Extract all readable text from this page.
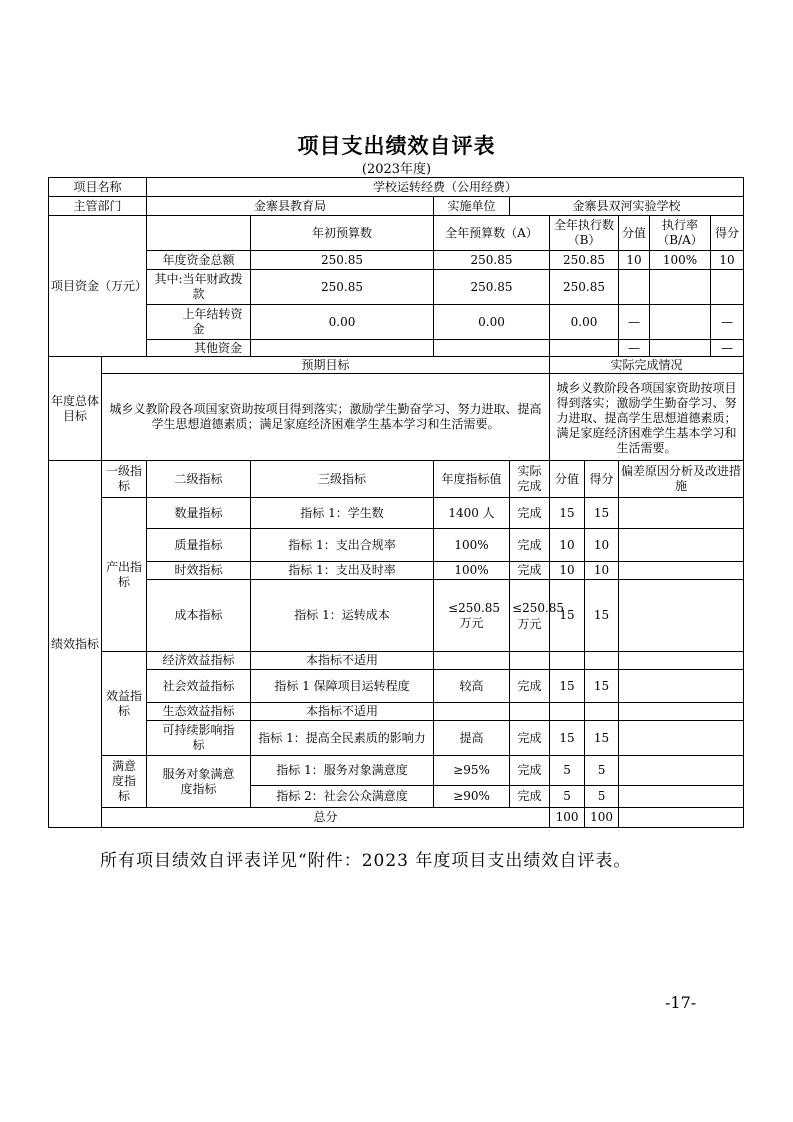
项目支出绩效自评表
(2023年度)
项目名称		学校运转经费（公用经费）								
主管部门		金寨县教育局		实施单位	金寨县双河实验学校					
项目资金（万元）			年初预算数	全年预算数（A）		全年执行数（B）		分值	执行率（B/A）	得分
		年度资金总额	250.85	250.85		250.85		10	100%	10
		其中:当年财政拨款	250.85	250.85		250.85				
		上年结转资金	0.00	0.00		0.00		—		—
		其他资金						—		—
年度总体目标	预期目标					实际完成情况				
	城乡义教阶段各项国家资助按项目得到落实；激励学生勤奋学习、努力进取、提高学生思想道德素质；满足家庭经济困难学生基本学习和生活需要。					城乡义教阶段各项国家资助按项目得到落实；激励学生勤奋学习、努力进取、提高学生思想道德素质；满足家庭经济困难学生基本学习和生活需要。				
绩效指标	一级指标	二级指标	三级指标	年度指标值	实际完成	分值	得分	偏差原因分析及改进措施		
	产出指标	数量指标	指标 1：学生数	1400 人	完成	15	15			
		质量指标	指标 1：支出合规率	100%	完成	10	10			
		时效指标	指标 1：支出及时率	100%	完成	10	10			
		成本指标	指标 1：运转成本	≤250.85万元	≤250.85万元	15	15			
	效益指标	经济效益指标	本指标不适用							
		社会效益指标	指标 1 保障项目运转程度	较高	完成	15	15			
		生态效益指标	本指标不适用							
		可持续影响指标	指标 1：提高全民素质的影响力	提高	完成	15	15			
	满意度指标	服务对象满意度指标	指标 1：服务对象满意度	≥95%	完成	5	5			
			指标 2：社会公众满意度	≥90%	完成	5	5			
	总分					100	100			
所有项目绩效自评表详见“附件：2023 年度项目支出绩效自评表。
-17-
